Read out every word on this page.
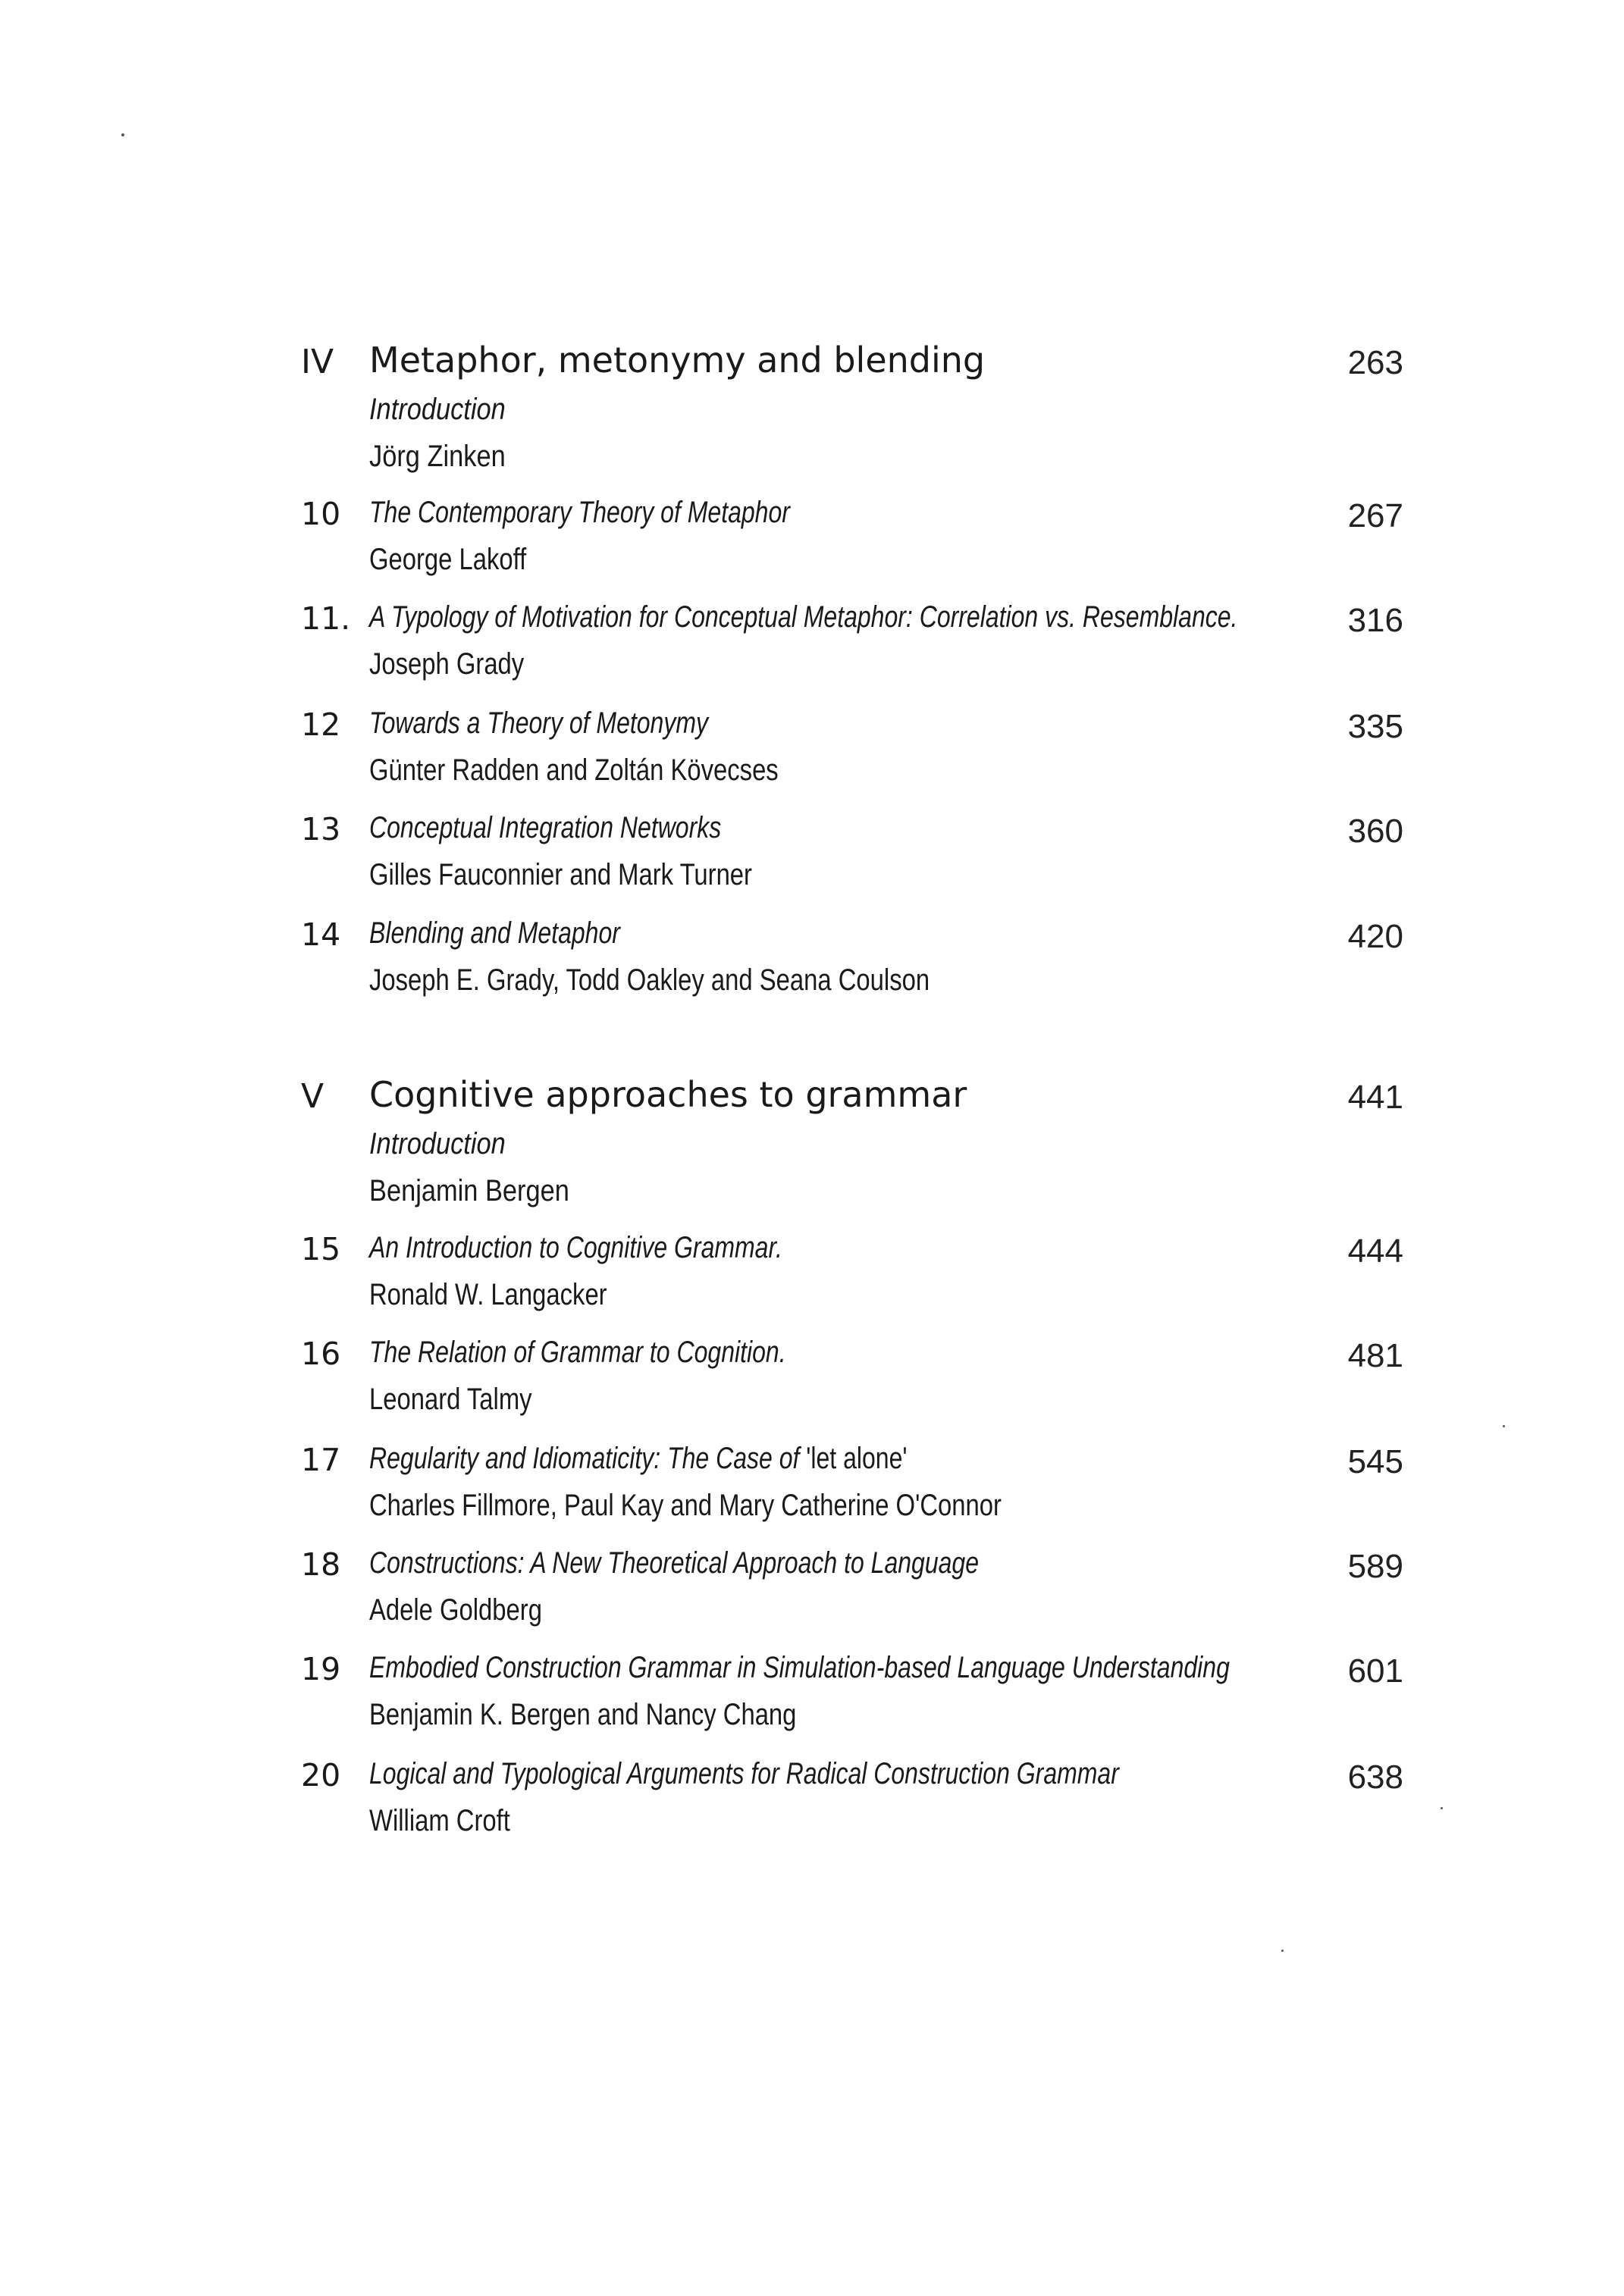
IV Metaphor, metonymy and blending	263
Introduction
Jörg Zinken
10 The Contemporary Theory of Metaphor
George Lakoff
267
11. A Typology of Motivation for Conceptual Metaphor: Correlation vs. Resemblance.
Joseph Grady
316
12 Towards a Theory of Metonymy
Günter Radden and Zoltán Kövecses
335
13 Conceptual Integration Networks
Gilles Fauconnier and Mark Turner
360
14 Blending and Metaphor
Joseph E. Grady, Todd Oakley and Seana Coulson
420
V Cognitive approaches to grammar	441
Introduction
Benjamin Bergen
15 An Introduction to Cognitive Grammar.
Ronald W. Langacker
444
16 The Relation of Grammar to Cognition.
Leonard Talmy
481
17 Regularity and Idiomaticity: The Case of 'let alone'
Charles Fillmore, Paul Kay and Mary Catherine O'Connor
545
18 Constructions: A New Theoretical Approach to Language
Adele Goldberg
589
19 Embodied Construction Grammar in Simulation-based Language Understanding
Benjamin K. Bergen and Nancy Chang
601
20 Logical and Typological Arguments for Radical Construction Grammar
William Croft
638
